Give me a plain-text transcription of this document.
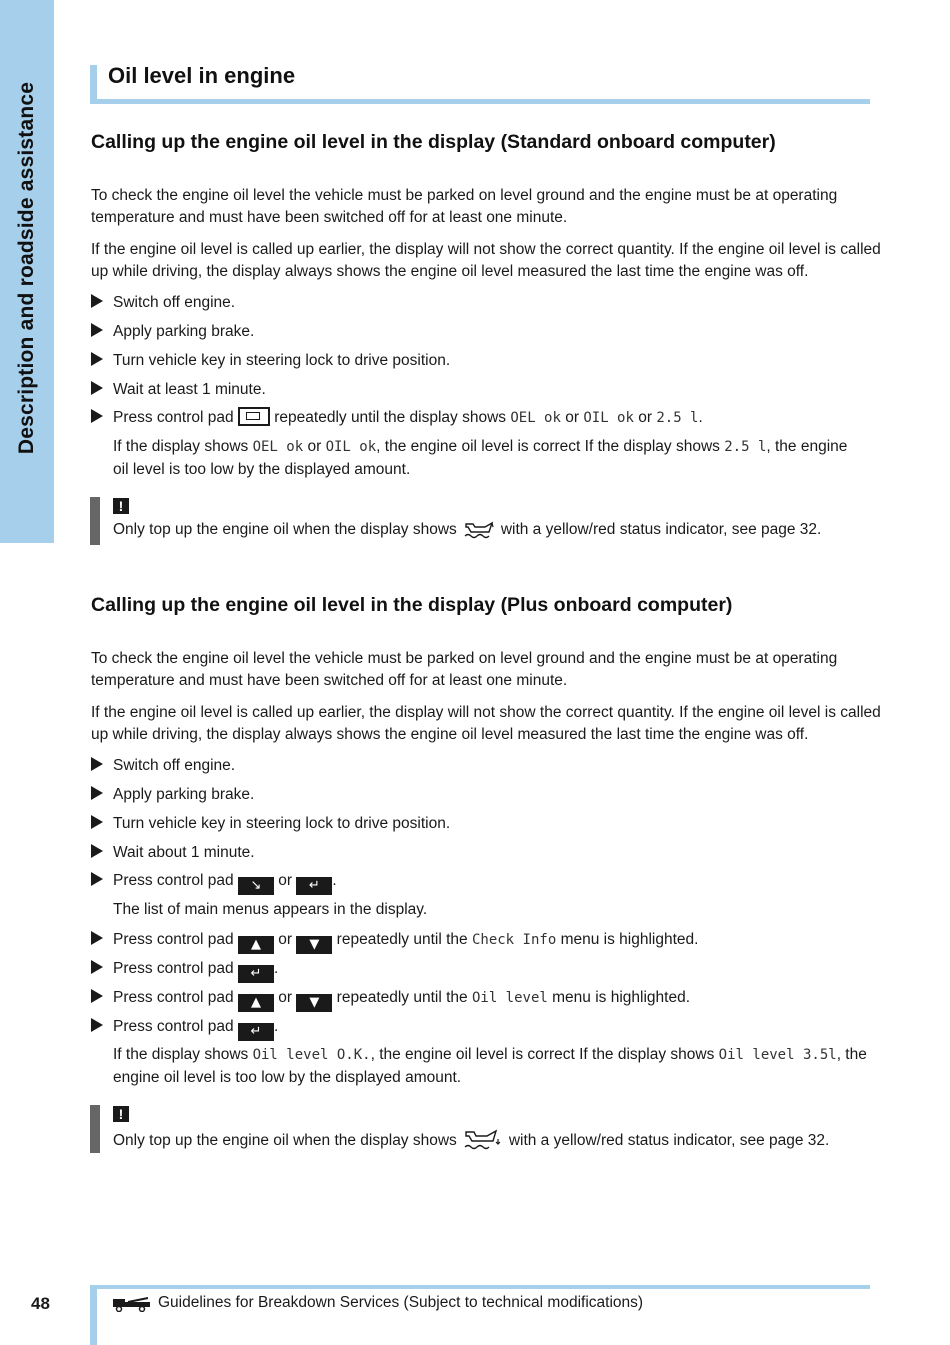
Description and roadside assistance
Oil level in engine
Calling up the engine oil level in the display (Standard onboard computer)

To check the engine oil level the vehicle must be parked on level ground and the engine must be at operating temperature and must have been switched off for at least one minute.

If the engine oil level is called up earlier, the display will not show the correct quantity. If the engine oil level is called up while driving, the display always shows the engine oil level measured the last time the engine was off.

Switch off engine.
Apply parking brake.
Turn vehicle key in steering lock to drive position.
Wait at least 1 minute.
Press control pad	repeatedly until the display shows OEL ok or OIL ok or 2.5 l.
If the display shows OEL ok or OIL ok, the engine oil level is correct If the display shows 2.5 l, the engine
oil level is too low by the displayed amount.
!
Only top up the engine oil when the display shows	with a yellow/red status indicator, see page 32.
Calling up the engine oil level in the display (Plus onboard computer)

To check the engine oil level the vehicle must be parked on level ground and the engine must be at operating temperature and must have been switched off for at least one minute.

If the engine oil level is called up earlier, the display will not show the correct quantity. If the engine oil level is called up while driving, the display always shows the engine oil level measured the last time the engine was off.

Switch off engine.
Apply parking brake.
Turn vehicle key in steering lock to drive position.
Wait about 1 minute.
Press control pad ↘ or ↵ .
The list of main menus appears in the display.
Press control pad ▲ or ▼ repeatedly until the Check Info menu is highlighted.
Press control pad ↵ .
Press control pad ▲ or ▼ repeatedly until the Oil level menu is highlighted.
Press control pad ↵ .
If the display shows Oil level O.K., the engine oil level is correct If the display shows Oil level 3.5l, the
engine oil level is too low by the displayed amount.
!
Only top up the engine oil when the display shows	with a yellow/red status indicator, see page 32.
48	Guidelines for Breakdown Services (Subject to technical modifications)
